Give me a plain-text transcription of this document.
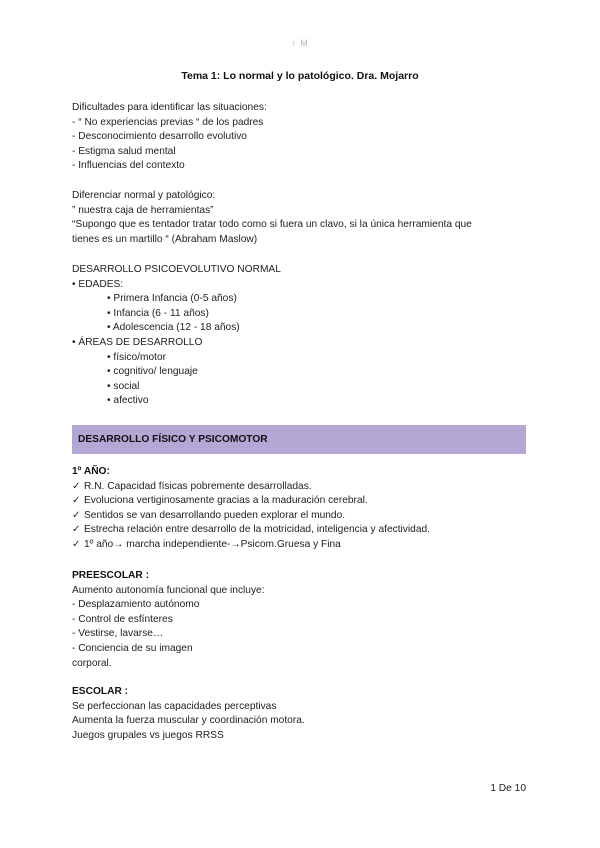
↑ M
Tema 1: Lo normal y lo patológico. Dra. Mojarro
Dificultades para identificar las situaciones:
- “ No experiencias previas “ de los padres
- Desconocimiento desarrollo evolutivo
- Estigma salud mental
- Influencias del contexto
Diferenciar normal y patológico:
” nuestra caja de herramientas”
“Supongo que es tentador tratar todo como si fuera un clavo, si la única herramienta que
tienes es un martillo “ (Abraham Maslow)
DESARROLLO PSICOEVOLUTIVO NORMAL
• EDADES:
• Primera Infancia (0-5 años)
• Infancia (6 - 11 años)
• Adolescencia (12 - 18 años)
• ÁREAS DE DESARROLLO
• físico/motor
• cognitivo/ lenguaje
• social
• afectivo
DESARROLLO FÍSICO Y PSICOMOTOR
1º AÑO:
✓ R.N. Capacidad físicas pobremente desarrolladas.
✓ Evoluciona vertiginosamente gracias a la maduración cerebral.
✓ Sentidos se van desarrollando pueden explorar el mundo.
✓ Estrecha relación entre desarrollo de la motricidad, inteligencia y afectividad.
✓ 1º año→ marcha independiente-→Psicom.Gruesa y Fina
PREESCOLAR :
Aumento autonomía funcional que incluye:
- Desplazamiento autónomo
- Control de esfínteres
- Vestirse, lavarse…
- Conciencia de su imagen
corporal.
ESCOLAR :
Se perfeccionan las capacidades perceptivas
Aumenta la fuerza muscular y coordinación motora.
Juegos grupales vs juegos RRSS
1 De 10
